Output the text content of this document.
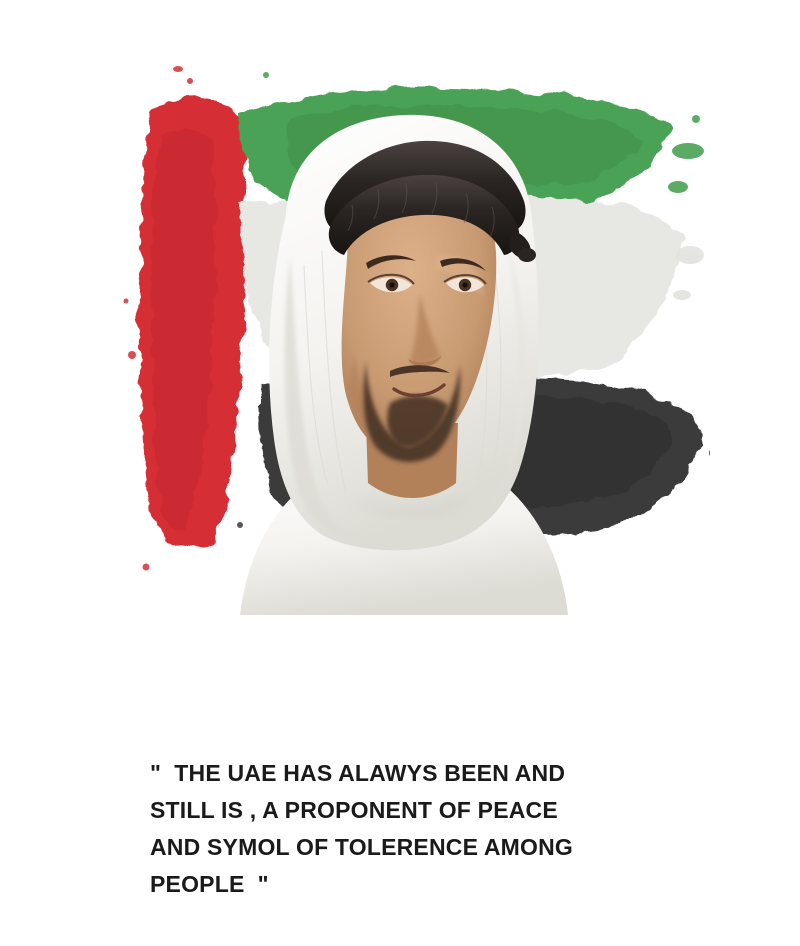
"  THE UAE HAS ALAWYS BEEN AND
STILL IS , A PROPONENT OF PEACE
AND SYMOL OF TOLERENCE AMONG
PEOPLE  "
